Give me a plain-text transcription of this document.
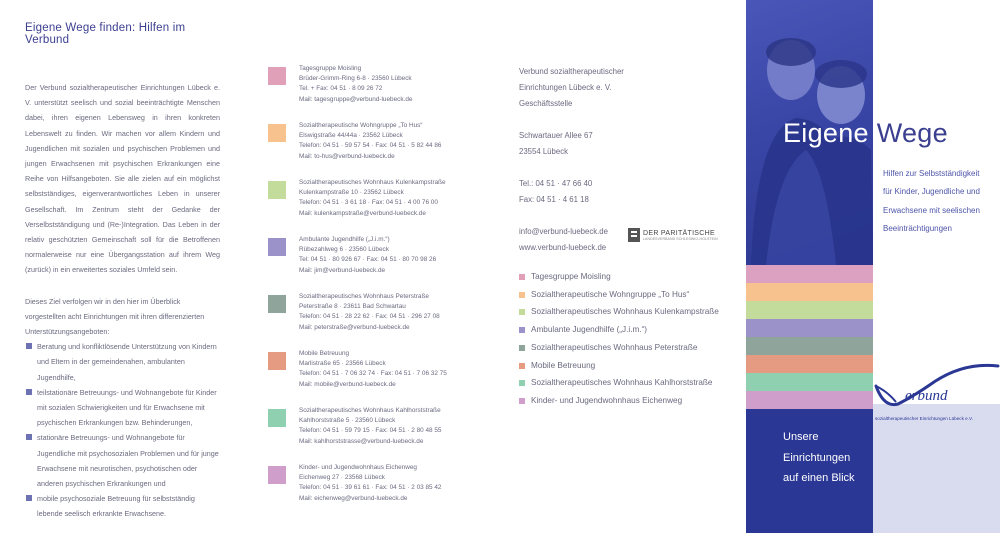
Eigene Wege finden: Hilfen im Verbund

Der Verbund sozialtherapeutischer Einrichtungen Lübeck e. V. unterstützt seelisch und sozial beeinträchtigte Menschen dabei, ihren eigenen Lebensweg in ihren konkreten Lebenswelt zu finden. Wir machen vor allem Kindern und Jugendlichen mit sozialen und psychischen Problemen und jungen Erwachsenen mit psychischen Erkrankungen eine Reihe von Hilfsangeboten. Sie alle zielen auf ein möglichst selbstständiges, eigenverantwortliches Leben in unserer Gesellschaft. Im Zentrum steht der Gedanke der Verselbstständigung und (Re-)Integration. Das Leben in der relativ geschützten Gemeinschaft soll für die Betroffenen normalerweise nur eine Übergangsstation auf ihrem Weg (zurück) in ein erweitertes soziales Umfeld sein.

Dieses Ziel verfolgen wir in den hier im Überblick vorgestellten acht Einrichtungen mit ihren differenzierten Unterstützungsangeboten:

Beratung und konfliktlösende Unterstützung von Kindern und Eltern in der gemeindenahen, ambulanten Jugendhilfe,
teilstationäre Betreuungs- und Wohnangebote für Kinder mit sozialen Schwierigkeiten und für Erwachsene mit psychischen Erkrankungen bzw. Behinderungen,
stationäre Betreuungs- und Wohnangebote für Jugendliche mit psychosozialen Problemen und für junge Erwachsene mit neurotischen, psychotischen oder anderen psychischen Erkrankungen und
mobile psychosoziale Betreuung für selbstständig lebende seelisch erkrankte Erwachsene.
Tagesgruppe Moisling
Brüder-Grimm-Ring 6-8 · 23560 Lübeck
Tel. + Fax: 04 51 · 8 09 26 72
Mail: tagesgruppe@verbund-luebeck.de
Sozialtherapeutische Wohngruppe „To Hus“
Elswigstraße 44/44a · 23562 Lübeck
Telefon: 04 51 · 59 57 54 · Fax: 04 51 · 5 82 44 86
Mail: to-hus@verbund-luebeck.de
Sozialtherapeutisches Wohnhaus Kulenkampstraße
Kulenkampstraße 10 · 23562 Lübeck
Telefon: 04 51 · 3 61 18 · Fax: 04 51 · 4 00 76 00
Mail: kulenkampstraße@verbund-luebeck.de
Ambulante Jugendhilfe („J.i.m.“)
Rübezahlweg 6 · 23560 Lübeck
Tel: 04 51 · 80 926 67 · Fax: 04 51 · 80 70 98 26
Mail: jim@verbund-luebeck.de
Sozialtherapeutisches Wohnhaus Peterstraße
Peterstraße 8 · 23611 Bad Schwartau
Telefon: 04 51 · 28 22 62 · Fax: 04 51 · 296 27 08
Mail: peterstraße@verbund-luebeck.de
Mobile Betreuung
Marlistraße 65 · 23566 Lübeck
Telefon: 04 51 · 7 06 32 74 · Fax: 04 51 · 7 06 32 75
Mail: mobile@verbund-luebeck.de
Sozialtherapeutisches Wohnhaus Kahlhorststraße
Kahlhorststraße 5 · 23560 Lübeck
Telefon: 04 51 · 59 79 15 · Fax: 04 51 · 2 80 48 55
Mail: kahlhorststrasse@verbund-luebeck.de
Kinder- und Jugendwohnhaus Eichenweg
Eichenweg 27 · 23568 Lübeck
Telefon: 04 51 · 39 61 61 · Fax: 04 51 · 2 03 85 42
Mail: eichenweg@verbund-luebeck.de
Verbund sozialtherapeutischer
Einrichtungen Lübeck e. V.
Geschäftsstelle
Schwartauer Allee 67
23554 Lübeck
Tel.: 04 51 · 47 66 40
Fax: 04 51 · 4 61 18
info@verbund-luebeck.de
www.verbund-luebeck.de
DER PARITÄTISCHE
LANDESVERBAND SCHLESWIG-HOLSTEIN
Tagesgruppe Moisling
Sozialtherapeutische Wohngruppe „To Hus“
Sozialtherapeutisches Wohnhaus Kulenkampstraße
Ambulante Jugendhilfe („J.i.m.“)
Sozialtherapeutisches Wohnhaus Peterstraße
Mobile Betreuung
Sozialtherapeutisches Wohnhaus Kahlhorststraße
Kinder- und Jugendwohnhaus Eichenweg
Eigene Wege
Hilfen zur Selbstständigkeit
für Kinder, Jugendliche und
Erwachsene mit seelischen
Beeinträchtigungen
Unsere
Einrichtungen
auf einen Blick
erbund
sozialtherapeutischer Einrichtungen Lübeck e.V.
